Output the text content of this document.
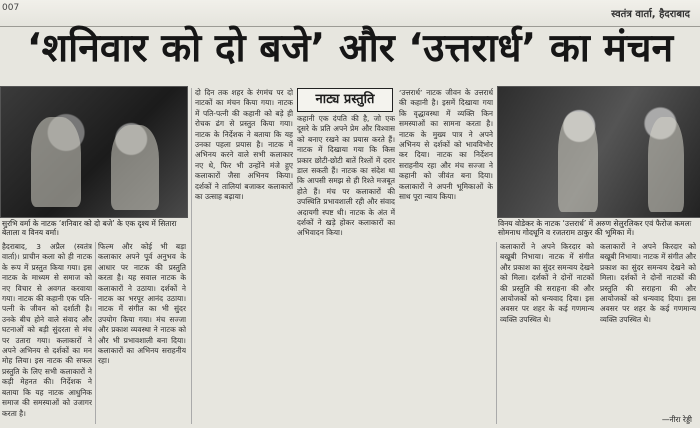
007
स्वतंत्र वार्ता, हैदराबाद
‘शनिवार को दो बजे’ और ‘उत्तरार्ध’ का मंचन
सुरभि वर्मा के नाटक ‘शनिवार को दो बजे’ के एक दृश्य में सितारा बेताला व विनय वर्मा।
नाट्य प्रस्तुति
विनय वोडेकर के नाटक ‘उत्तरार्ध’ में अरुण सेलुरलिकर एवं फैरोज कमलः सोमनाथ गोदधूनि व रजतराम ठाकुर की भूमिका में।
हैदराबाद, 3 अप्रैल (स्वतंत्र वार्ता)। प्राचीन कला को ही नाटक के रूप में प्रस्तुत किया गया। इस नाटक के माध्यम से समाज को नए विचार से अवगत करवाया गया। नाटक की कहानी एक पति-पत्नी के जीवन को दर्शाती है। उनके बीच होने वाले संवाद और घटनाओं को बड़ी सुंदरता से मंच पर उतारा गया। कलाकारों ने अपने अभिनय से दर्शकों का मन मोह लिया। इस नाटक की सफल प्रस्तुति के लिए सभी कलाकारों ने कड़ी मेहनत की। निर्देशक ने बताया कि यह नाटक आधुनिक समाज की समस्याओं को उजागर करता है।
फिल्म और कोई भी बड़ा कलाकार अपने पूर्व अनुभव के आधार पर नाटक की प्रस्तुति करता है। यह सवाल नाटक के कलाकारों ने उठाया। दर्शकों ने नाटक का भरपूर आनंद उठाया। नाटक में संगीत का भी सुंदर उपयोग किया गया। मंच सज्जा और प्रकाश व्यवस्था ने नाटक को और भी प्रभावशाली बना दिया। कलाकारों का अभिनय सराहनीय रहा।
दो दिन तक शहर के रंगमंच पर दो नाटकों का मंचन किया गया। नाटक में पति-पत्नी की कहानी को बड़े ही रोचक ढंग से प्रस्तुत किया गया। नाटक के निर्देशक ने बताया कि यह उनका पहला प्रयास है। नाटक में अभिनय करने वाले सभी कलाकार नए थे, फिर भी उन्होंने मंजे हुए कलाकारों जैसा अभिनय किया। दर्शकों ने तालियां बजाकर कलाकारों का उत्साह बढ़ाया।
कहानी एक दंपति की है, जो एक दूसरे के प्रति अपने प्रेम और विश्वास को बनाए रखने का प्रयास करते हैं। नाटक में दिखाया गया कि किस प्रकार छोटी-छोटी बातें रिश्तों में दरार डाल सकती हैं। नाटक का संदेश था कि आपसी समझ से ही रिश्ते मजबूत होते हैं। मंच पर कलाकारों की उपस्थिति प्रभावशाली रही और संवाद अदायगी स्पष्ट थी। नाटक के अंत में दर्शकों ने खड़े होकर कलाकारों का अभिवादन किया।
‘उत्तरार्ध’ नाटक जीवन के उत्तरार्ध की कहानी है। इसमें दिखाया गया कि वृद्धावस्था में व्यक्ति किन समस्याओं का सामना करता है। नाटक के मुख्य पात्र ने अपने अभिनय से दर्शकों को भावविभोर कर दिया। नाटक का निर्देशन सराहनीय रहा और मंच सज्जा ने कहानी को जीवंत बना दिया। कलाकारों ने अपनी भूमिकाओं के साथ पूरा न्याय किया।
कलाकारों ने अपने किरदार को बखूबी निभाया। नाटक में संगीत और प्रकाश का सुंदर समन्वय देखने को मिला। दर्शकों ने दोनों नाटकों की प्रस्तुति की सराहना की और आयोजकों को धन्यवाद दिया। इस अवसर पर शहर के कई गणमान्य व्यक्ति उपस्थित थे।
कलाकारों ने अपने किरदार को बखूबी निभाया। नाटक में संगीत और प्रकाश का सुंदर समन्वय देखने को मिला। दर्शकों ने दोनों नाटकों की प्रस्तुति की सराहना की और आयोजकों को धन्यवाद दिया। इस अवसर पर शहर के कई गणमान्य व्यक्ति उपस्थित थे।
—नीरा रेड्डी
